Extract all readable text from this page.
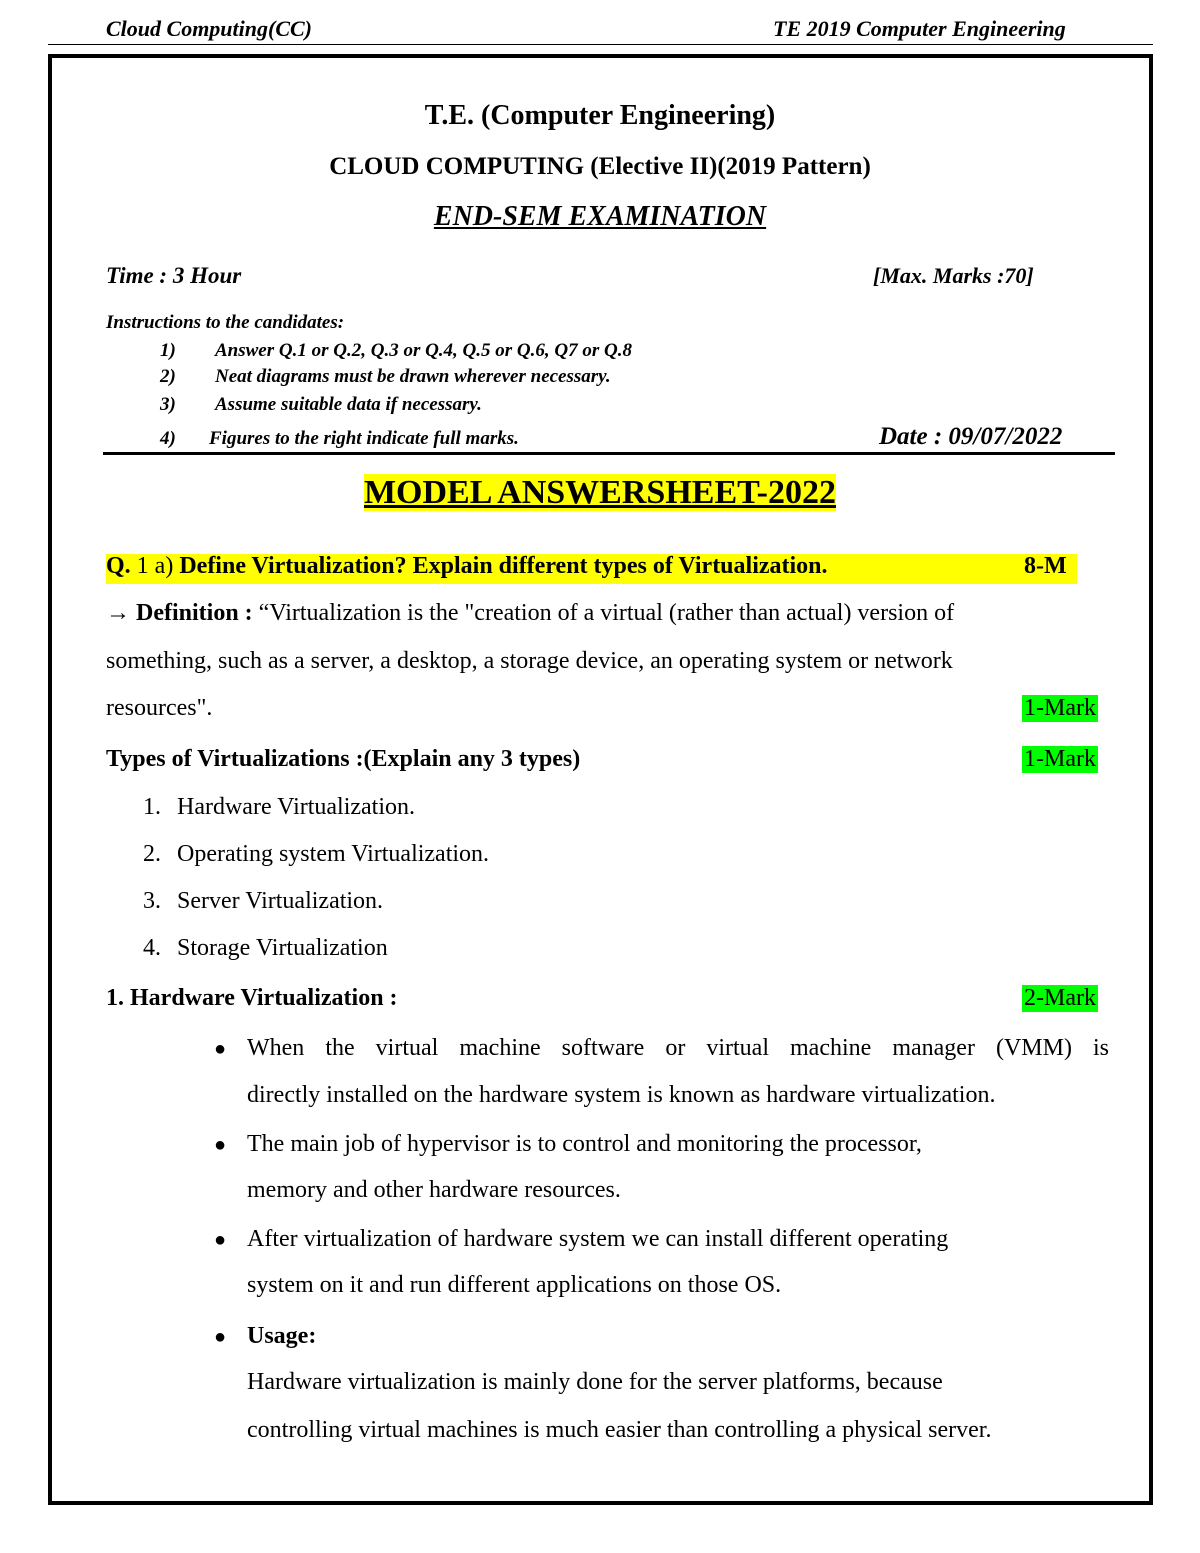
Cloud Computing(CC)	TE 2019 Computer Engineering
T.E. (Computer Engineering)
CLOUD COMPUTING (Elective II)(2019 Pattern)
END-SEM EXAMINATION
Time : 3 Hour	[Max. Marks :70]
Instructions to the candidates:
1) Answer Q.1 or Q.2, Q.3 or Q.4, Q.5 or Q.6, Q7 or Q.8
2) Neat diagrams must be drawn wherever necessary.
3) Assume suitable data if necessary.
4) Figures to the right indicate full marks.	Date : 09/07/2022
MODEL ANSWERSHEET-2022
Q. 1 a) Define Virtualization? Explain different types of Virtualization.	8-M
→ Definition : “Virtualization is the "creation of a virtual (rather than actual) version of
something, such as a server, a desktop, a storage device, an operating system or network
resources".	1-Mark
Types of Virtualizations :(Explain any 3 types)	1-Mark
1. Hardware Virtualization.
2. Operating system Virtualization.
3. Server Virtualization.
4. Storage Virtualization
1. Hardware Virtualization :	2-Mark
● When the virtual machine software or virtual machine manager (VMM) is
directly installed on the hardware system is known as hardware virtualization.
● The main job of hypervisor is to control and monitoring the processor,
memory and other hardware resources.
● After virtualization of hardware system we can install different operating
system on it and run different applications on those OS.
● Usage:
Hardware virtualization is mainly done for the server platforms, because
controlling virtual machines is much easier than controlling a physical server.
